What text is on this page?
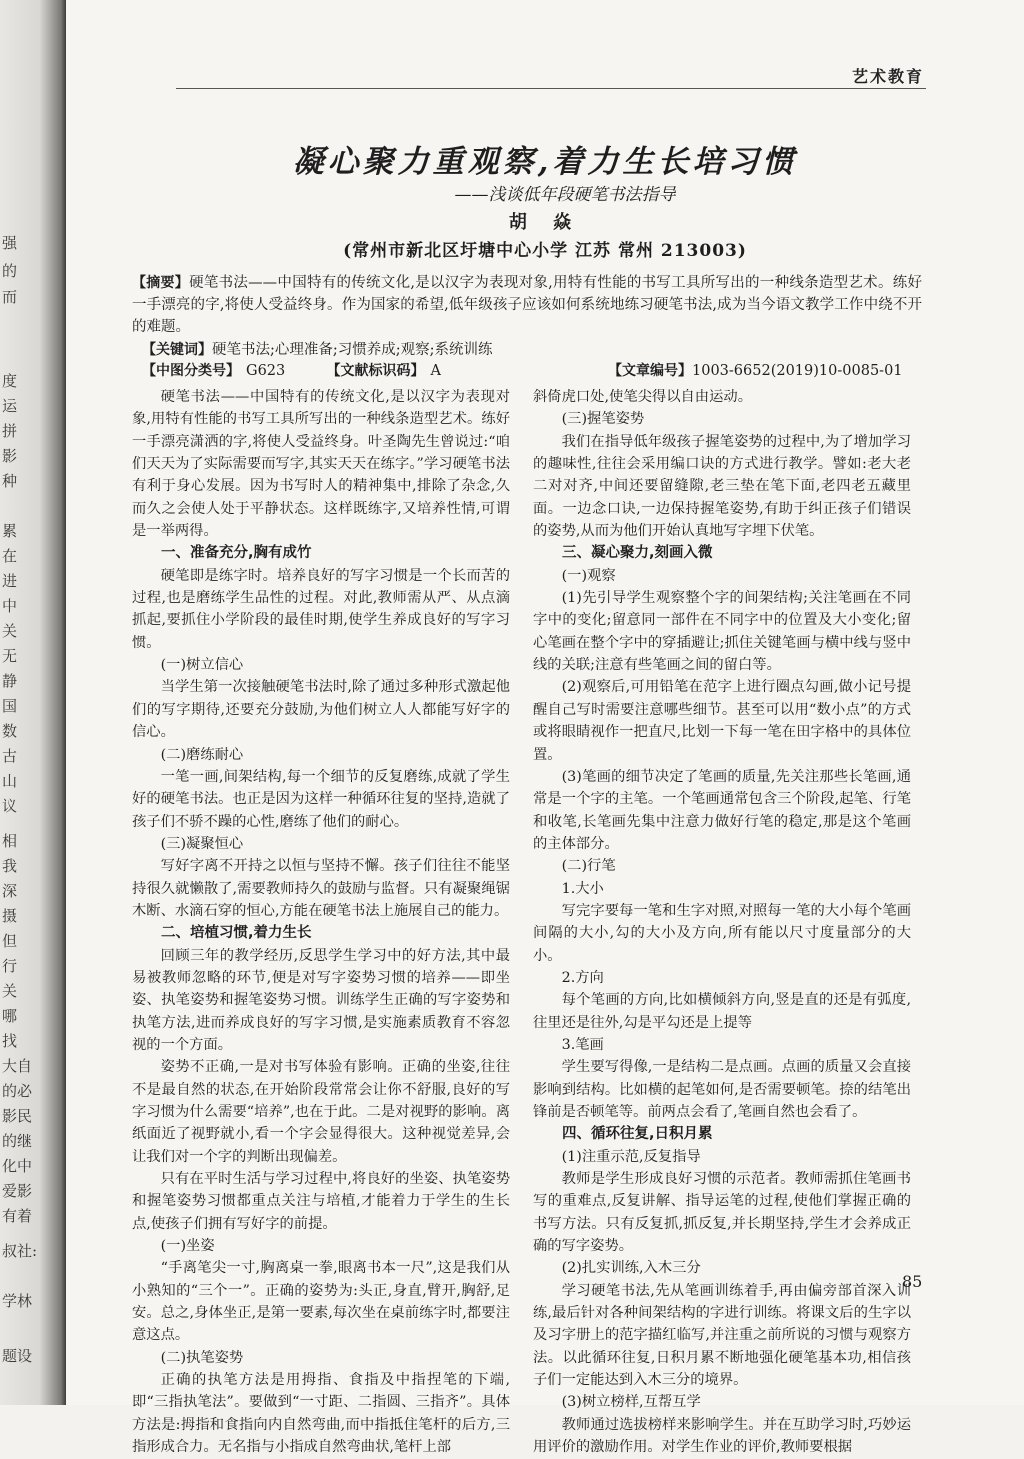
强
的
而
度
运
拼
影
种
累
在
进
中
关
无
静
国
数
古
山
议
相
我
深
摄
但
行
关
哪
找
大自
的必
影民
的继
化中
爱影
有着
叔社:
学林
题设
艺术教育
凝心聚力重观察,着力生长培习惯
——浅谈低年段硬笔书法指导
胡 焱
(常州市新北区圩塘中心小学 江苏 常州 213003)
【摘要】硬笔书法——中国特有的传统文化,是以汉字为表现对象,用特有性能的书写工具所写出的一种线条造型艺术。练好一手漂亮的字,将使人受益终身。作为国家的希望,低年级孩子应该如何系统地练习硬笔书法,成为当今语文教学工作中绕不开的难题。
【关键词】硬笔书法;心理准备;习惯养成;观察;系统训练
【中图分类号】 G623	【文献标识码】 A	【文章编号】1003-6652(2019)10-0085-01

硬笔书法——中国特有的传统文化,是以汉字为表现对象,用特有性能的书写工具所写出的一种线条造型艺术。练好一手漂亮潇洒的字,将使人受益终身。叶圣陶先生曾说过:“咱们天天为了实际需要而写字,其实天天在练字。”学习硬笔书法有利于身心发展。因为书写时人的精神集中,排除了杂念,久而久之会使人处于平静状态。这样既练字,又培养性情,可谓是一举两得。

一、准备充分,胸有成竹

硬笔即是练字时。培养良好的写字习惯是一个长而苦的过程,也是磨练学生品性的过程。对此,教师需从严、从点滴抓起,要抓住小学阶段的最佳时期,使学生养成良好的写字习惯。

(一)树立信心

当学生第一次接触硬笔书法时,除了通过多种形式激起他们的写字期待,还要充分鼓励,为他们树立人人都能写好字的信心。

(二)磨练耐心

一笔一画,间架结构,每一个细节的反复磨练,成就了学生好的硬笔书法。也正是因为这样一种循环往复的坚持,造就了孩子们不骄不躁的心性,磨练了他们的耐心。

(三)凝聚恒心

写好字离不开持之以恒与坚持不懈。孩子们往往不能坚持很久就懒散了,需要教师持久的鼓励与监督。只有凝聚绳锯木断、水滴石穿的恒心,方能在硬笔书法上施展自己的能力。

二、培植习惯,着力生长

回顾三年的教学经历,反思学生学习中的好方法,其中最易被教师忽略的环节,便是对写字姿势习惯的培养——即坐姿、执笔姿势和握笔姿势习惯。训练学生正确的写字姿势和执笔方法,进而养成良好的写字习惯,是实施素质教育不容忽视的一个方面。

姿势不正确,一是对书写体验有影响。正确的坐姿,往往不是最自然的状态,在开始阶段常常会让你不舒服,良好的写字习惯为什么需要“培养”,也在于此。二是对视野的影响。离纸面近了视野就小,看一个字会显得很大。这种视觉差异,会让我们对一个字的判断出现偏差。

只有在平时生活与学习过程中,将良好的坐姿、执笔姿势和握笔姿势习惯都重点关注与培植,才能着力于学生的生长点,使孩子们拥有写好字的前提。

(一)坐姿

“手离笔尖一寸,胸离桌一拳,眼离书本一尺”,这是我们从小熟知的“三个一”。正确的姿势为:头正,身直,臂开,胸舒,足安。总之,身体坐正,是第一要素,每次坐在桌前练字时,都要注意这点。

(二)执笔姿势

正确的执笔方法是用拇指、食指及中指捏笔的下端,即“三指执笔法”。要做到“一寸距、二指圆、三指齐”。具体方法是:拇指和食指向内自然弯曲,而中指抵住笔杆的后方,三指形成合力。无名指与小指成自然弯曲状,笔杆上部

斜倚虎口处,使笔尖得以自由运动。

(三)握笔姿势

我们在指导低年级孩子握笔姿势的过程中,为了增加学习的趣味性,往往会采用编口诀的方式进行教学。譬如:老大老二对对齐,中间还要留缝隙,老三垫在笔下面,老四老五藏里面。一边念口诀,一边保持握笔姿势,有助于纠正孩子们错误的姿势,从而为他们开始认真地写字埋下伏笔。

三、凝心聚力,刻画入微

(一)观察

(1)先引导学生观察整个字的间架结构;关注笔画在不同字中的变化;留意同一部件在不同字中的位置及大小变化;留心笔画在整个字中的穿插避让;抓住关键笔画与横中线与竖中线的关联;注意有些笔画之间的留白等。

(2)观察后,可用铅笔在范字上进行圈点勾画,做小记号提醒自己写时需要注意哪些细节。甚至可以用“数小点”的方式或将眼睛视作一把直尺,比划一下每一笔在田字格中的具体位置。

(3)笔画的细节决定了笔画的质量,先关注那些长笔画,通常是一个字的主笔。一个笔画通常包含三个阶段,起笔、行笔和收笔,长笔画先集中注意力做好行笔的稳定,那是这个笔画的主体部分。

(二)行笔

1.大小

写完字要每一笔和生字对照,对照每一笔的大小每个笔画间隔的大小,勾的大小及方向,所有能以尺寸度量部分的大小。

2.方向

每个笔画的方向,比如横倾斜方向,竖是直的还是有弧度,往里还是往外,勾是平勾还是上提等

3.笔画

学生要写得像,一是结构二是点画。点画的质量又会直接影响到结构。比如横的起笔如何,是否需要顿笔。捺的结笔出锋前是否顿笔等。前两点会看了,笔画自然也会看了。

四、循环往复,日积月累

(1)注重示范,反复指导

教师是学生形成良好习惯的示范者。教师需抓住笔画书写的重难点,反复讲解、指导运笔的过程,使他们掌握正确的书写方法。只有反复抓,抓反复,并长期坚持,学生才会养成正确的写字姿势。

(2)扎实训练,入木三分

学习硬笔书法,先从笔画训练着手,再由偏旁部首深入训练,最后针对各种间架结构的字进行训练。将课文后的生字以及习字册上的范字描红临写,并注重之前所说的习惯与观察方法。以此循环往复,日积月累不断地强化硬笔基本功,相信孩子们一定能达到入木三分的境界。

(3)树立榜样,互帮互学

教师通过选拔榜样来影响学生。并在互助学习时,巧妙运用评价的激励作用。对学生作业的评价,教师要根据

85
